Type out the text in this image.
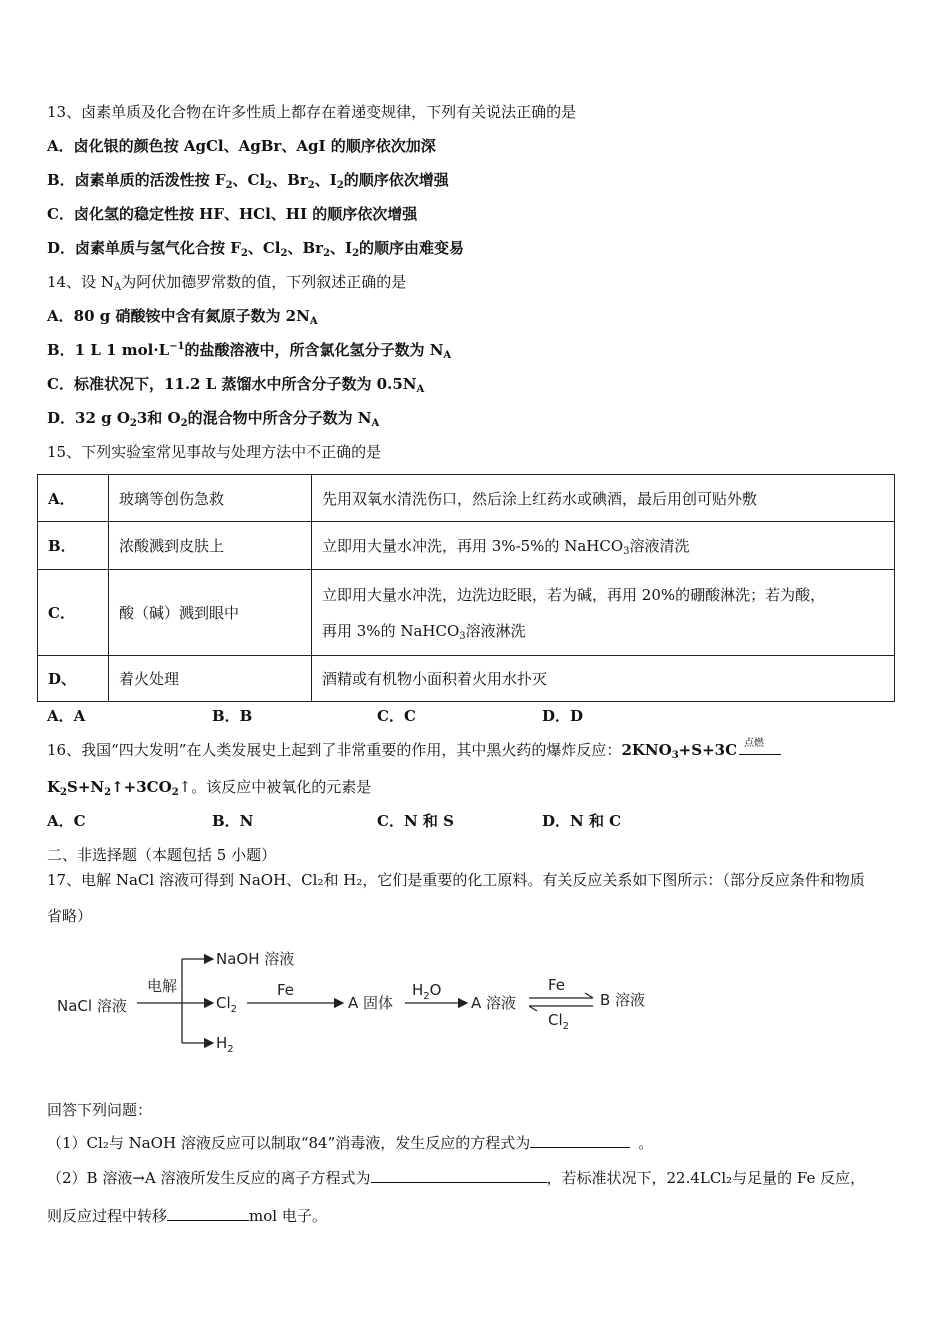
13、卤素单质及化合物在许多性质上都存在着递变规律，下列有关说法正确的是
A．卤化银的颜色按 AgCl、AgBr、AgI 的顺序依次加深
B．卤素单质的活泼性按 $F_2$、$Cl_2$、$Br_2$、$I_2$的顺序依次增强
C．卤化氢的稳定性按 HF、HCl、HI 的顺序依次增强
D．卤素单质与氢气化合按 $F_2$、$Cl_2$、$Br_2$、$I_2$的顺序由难变易
14、设 $N_A$为阿伏加德罗常数的值，下列叙述正确的是
A．80 g 硝酸铵中含有氮原子数为 $2N_A$
B．1 L 1 $mol\cdot L^{-1}$的盐酸溶液中，所含氯化氢分子数为 $N_A$
C．标准状况下，11.2 L 蒸馏水中所含分子数为 $0.5N_A$
D．32 g $O_23$和 $O_2$的混合物中所含分子数为 $N_A$
15、下列实验室常见事故与处理方法中不正确的是
A．	玻璃等创伤急救	先用双氧水清洗伤口，然后涂上红药水或碘酒，最后用创可贴外敷
B．	浓酸溅到皮肤上	立即用大量水冲洗，再用 3%-5%的 NaHCO$_3$溶液清洗
C．	酸（碱）溅到眼中	立即用大量水冲洗，边洗边眨眼，若为碱，再用 20%的硼酸淋洗；若为酸，
再用 3%的 NaHCO$_3$溶液淋洗

D、	着火处理	酒精或有机物小面积着火用水扑灭
A．A	B．B	C．C	D．D
16、我国“四大发明”在人类发展史上起到了非常重要的作用，其中黑火药的爆炸反应：$2KNO_3+S+3C$ 点燃
$K_2S+N_2↑+3CO_2↑$。该反应中被氧化的元素是
A．C	B．N	C．N 和 S	D．N 和 C
二、非选择题（本题包括 5 小题）
17、电解 NaCl 溶液可得到 NaOH、Cl₂和 H₂，它们是重要的化工原料。有关反应关系如下图所示：（部分反应条件和物质
省略）
NaCl 溶液
电解
NaOH 溶液
$Cl_2$
$H_2$
Fe
A 固体
$H_2O$
A 溶液
Fe
$Cl_2$
B 溶液
回答下列问题：
（1）Cl₂与 NaOH 溶液反应可以制取“84”消毒液，发生反应的方程式为	。
（2）B 溶液→A 溶液所发生反应的离子方程式为	，若标准状况下，22.4LCl₂与足量的 Fe 反应，
则反应过程中转移	mol 电子。
